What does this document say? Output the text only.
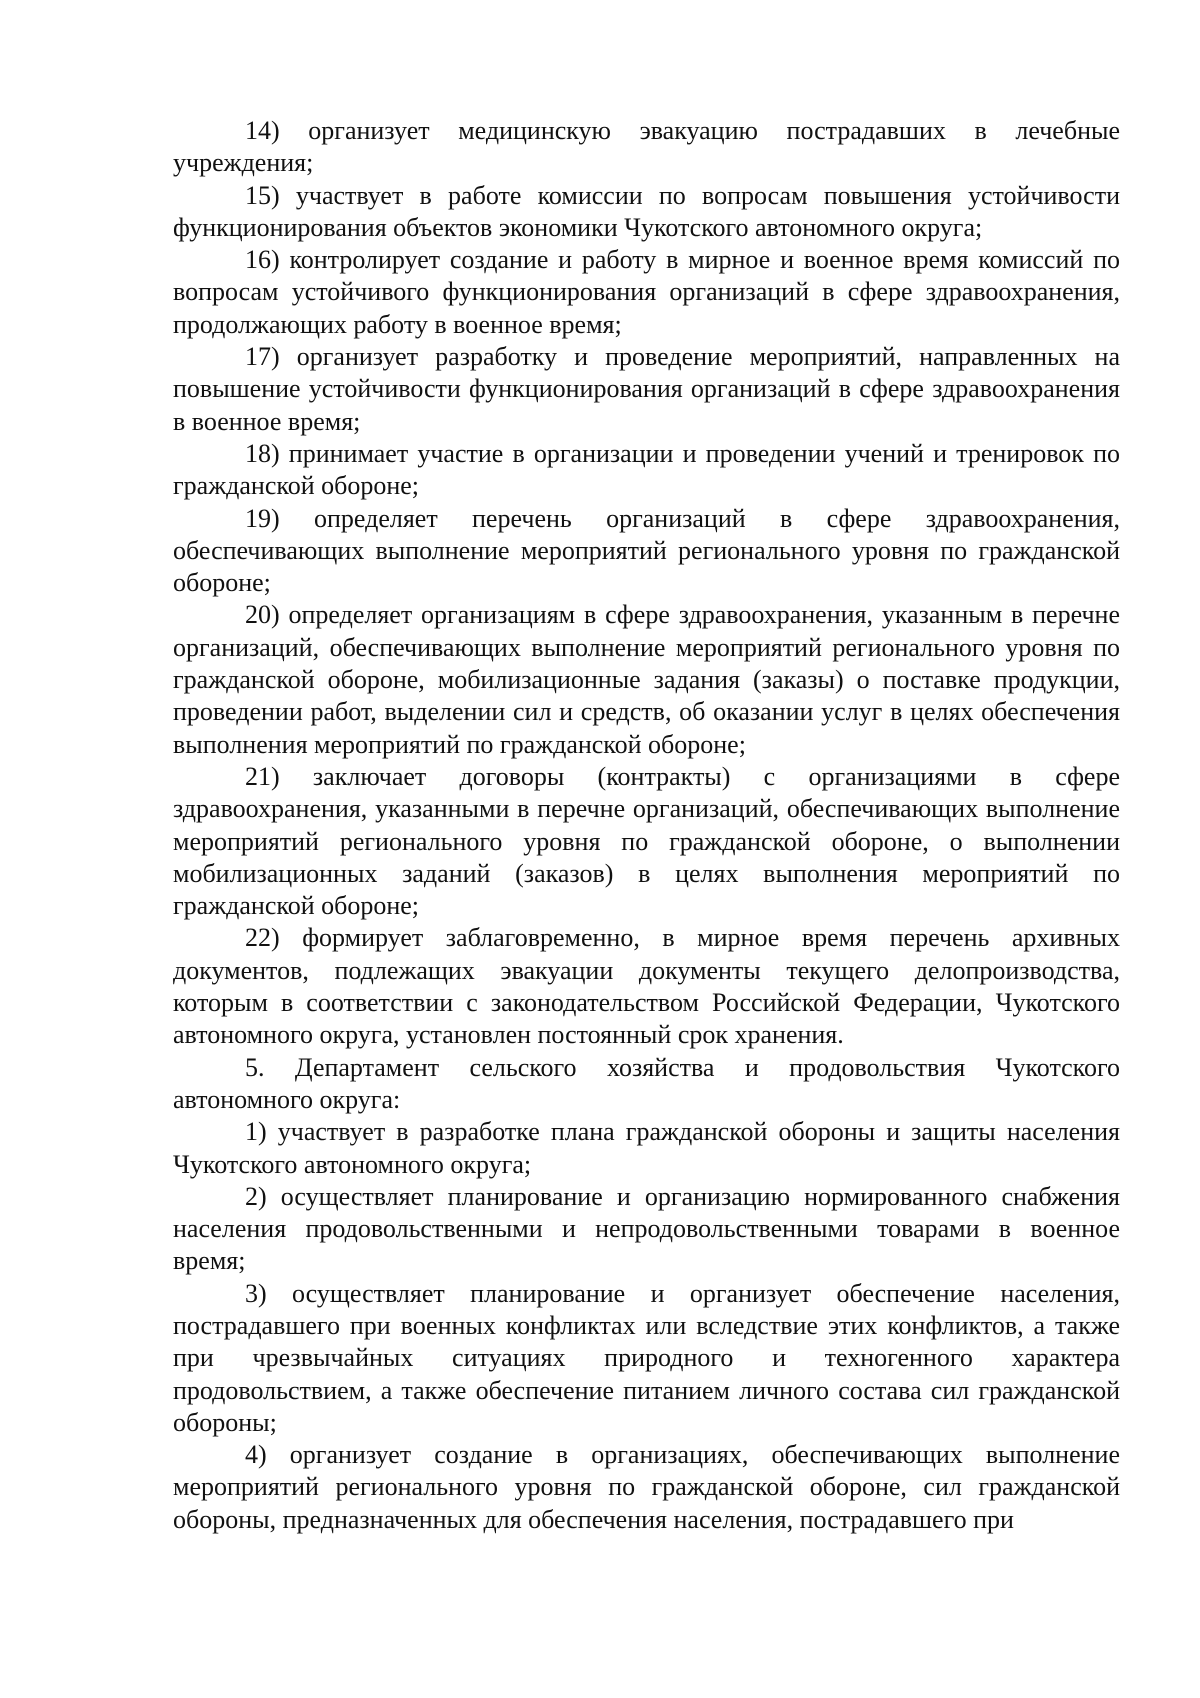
14) организует медицинскую эвакуацию пострадавших в лечебные учреждения;

15) участвует в работе комиссии по вопросам повышения устойчивости функционирования объектов экономики Чукотского автономного округа;

16) контролирует создание и работу в мирное и военное время комиссий по вопросам устойчивого функционирования организаций в сфере здравоохранения, продолжающих работу в военное время;

17) организует разработку и проведение мероприятий, направленных на повышение устойчивости функционирования организаций в сфере здравоохранения в военное время;

18) принимает участие в организации и проведении учений и тренировок по гражданской обороне;

19) определяет перечень организаций в сфере здравоохранения, обеспечивающих выполнение мероприятий регионального уровня по гражданской обороне;

20) определяет организациям в сфере здравоохранения, указанным в перечне организаций, обеспечивающих выполнение мероприятий регионального уровня по гражданской обороне, мобилизационные задания (заказы) о поставке продукции, проведении работ, выделении сил и средств, об оказании услуг в целях обеспечения выполнения мероприятий по гражданской обороне;

21) заключает договоры (контракты) с организациями в сфере здравоохранения, указанными в перечне организаций, обеспечивающих выполнение мероприятий регионального уровня по гражданской обороне, о выполнении мобилизационных заданий (заказов) в целях выполнения мероприятий по гражданской обороне;

22) формирует заблаговременно, в мирное время перечень архивных документов, подлежащих эвакуации документы текущего делопроизводства, которым в соответствии с законодательством Российской Федерации, Чукотского автономного округа, установлен постоянный срок хранения.

5. Департамент сельского хозяйства и продовольствия Чукотского автономного округа:

1) участвует в разработке плана гражданской обороны и защиты населения Чукотского автономного округа;

2) осуществляет планирование и организацию нормированного снабжения населения продовольственными и непродовольственными товарами в военное время;

3) осуществляет планирование и организует обеспечение населения, пострадавшего при военных конфликтах или вследствие этих конфликтов, а также при чрезвычайных ситуациях природного и техногенного характера продовольствием, а также обеспечение питанием личного состава сил гражданской обороны;

4) организует создание в организациях, обеспечивающих выполнение мероприятий регионального уровня по гражданской обороне, сил гражданской обороны, предназначенных для обеспечения населения, пострадавшего при
